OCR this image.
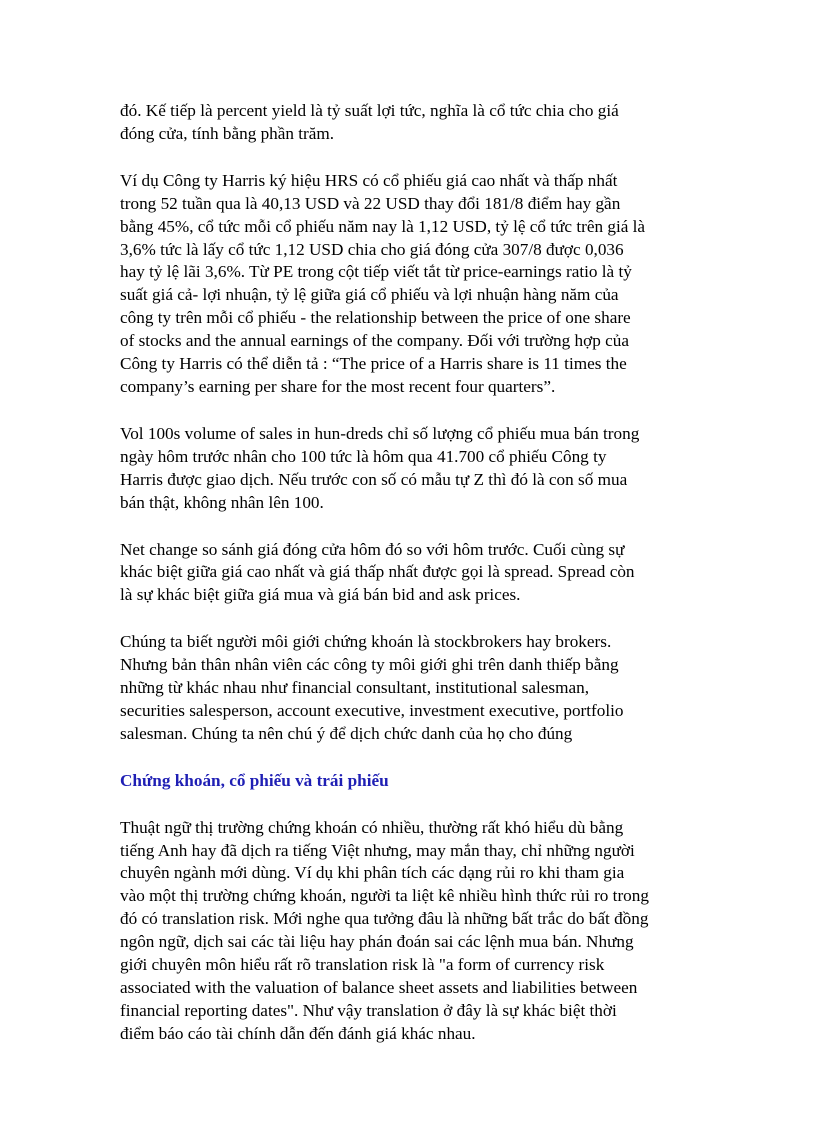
đó. Kế tiếp là percent yield là tỷ suất lợi tức, nghĩa là cổ tức chia cho giá
đóng cửa, tính bằng phần trăm.

Ví dụ Công ty Harris ký hiệu HRS có cổ phiếu giá cao nhất và thấp nhất
trong 52 tuần qua là 40,13 USD và 22 USD thay đổi 181/8 điểm hay gần
bằng 45%, cổ tức mỗi cổ phiếu năm nay là 1,12 USD, tỷ lệ cổ tức trên giá là
3,6% tức là lấy cổ tức 1,12 USD chia cho giá đóng cửa 307/8 được 0,036
hay tỷ lệ lãi 3,6%. Từ PE trong cột tiếp viết tắt từ price-earnings ratio là tỷ
suất giá cả- lợi nhuận, tỷ lệ giữa giá cổ phiếu và lợi nhuận hàng năm của
công ty trên mỗi cổ phiếu - the relationship between the price of one share
of stocks and the annual earnings of the company. Đối với trường hợp của
Công ty Harris có thể diễn tả : “The price of a Harris share is 11 times the
company’s earning per share for the most recent four quarters”.

Vol 100s volume of sales in hun-dreds chỉ số lượng cổ phiếu mua bán trong
ngày hôm trước nhân cho 100 tức là hôm qua 41.700 cổ phiếu Công ty
Harris được giao dịch. Nếu trước con số có mẫu tự Z thì đó là con số mua
bán thật, không nhân lên 100.

Net change so sánh giá đóng cửa hôm đó so với hôm trước. Cuối cùng sự
khác biệt giữa giá cao nhất và giá thấp nhất được gọi là spread. Spread còn
là sự khác biệt giữa giá mua và giá bán bid and ask prices.

Chúng ta biết người môi giới chứng khoán là stockbrokers hay brokers.
Nhưng bản thân nhân viên các công ty môi giới ghi trên danh thiếp bằng
những từ khác nhau như financial consultant, institutional salesman,
securities salesperson, account executive, investment executive, portfolio
salesman. Chúng ta nên chú ý để dịch chức danh của họ cho đúng

Chứng khoán, cổ phiếu và trái phiếu

Thuật ngữ thị trường chứng khoán có nhiều, thường rất khó hiểu dù bằng
tiếng Anh hay đã dịch ra tiếng Việt nhưng, may mắn thay, chỉ những người
chuyên ngành mới dùng. Ví dụ khi phân tích các dạng rủi ro khi tham gia
vào một thị trường chứng khoán, người ta liệt kê nhiều hình thức rủi ro trong
đó có translation risk. Mới nghe qua tưởng đâu là những bất trắc do bất đồng
ngôn ngữ, dịch sai các tài liệu hay phán đoán sai các lệnh mua bán. Nhưng
giới chuyên môn hiểu rất rõ translation risk là "a form of currency risk
associated with the valuation of balance sheet assets and liabilities between
financial reporting dates". Như vậy translation ở đây là sự khác biệt thời
điểm báo cáo tài chính dẫn đến đánh giá khác nhau.
